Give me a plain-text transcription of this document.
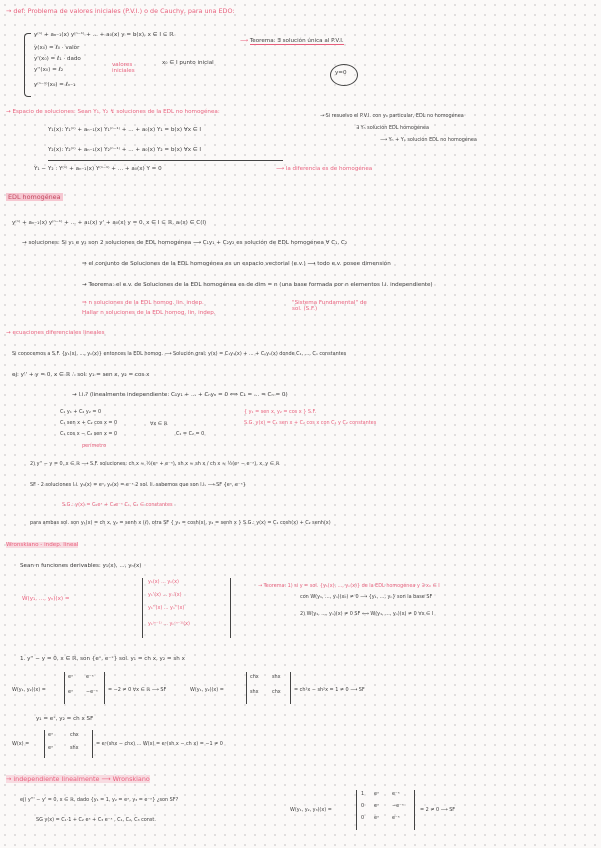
→ def: Problema de valores iniciales (P.V.I.) o de Cauchy, para una EDO:
y⁽ⁿ⁾ + aₙ₋₁(x) y⁽ⁿ⁻¹⁾ + ... + a₀(x) y = b(x), x ∈ I ⊆ ℝ
y(x₀) = ℓ₀ · valor
y'(x₀) = ℓ₁ · dado
y''(x₀) = ℓ₂
y⁽ⁿ⁻¹⁾(x₀) = ℓₙ₋₁
valores iniciales
x₀ ∈ I punto inicial
⟶ Teorema: ∃ solución única al P.V.I.
y=0
→ Espacio de soluciones: Sean Y₁, Y₂ ↯ soluciones de la EDL no homogénea:
Y₁(x): Y₁⁽ⁿ⁾ + aₙ₋₁(x) Y₁⁽ⁿ⁻¹⁾ + ... + a₀(x) Y₁ = b(x) ∀x ∈ I
Y₂(x): Y₂⁽ⁿ⁾ + aₙ₋₁(x) Y₂⁽ⁿ⁻¹⁾ + ... + a₀(x) Y₂ = b(x) ∀x ∈ I
Y₁ − Y₂ : Y⁽ⁿ⁾ + aₙ₋₁(x) Y⁽ⁿ⁻¹⁾ + ... + a₀(x) Y = 0	⟶ la diferencia es de homogénea
→ Si resuelvo el P.V.I. con y₀ particular, EDL no homogénea
∃ Yₕ solución EDL homogénea
⟶ Yₕ + Yₚ solución EDL no homogénea
EDL homogénea
y⁽ⁿ⁾ + aₙ₋₁(x) y⁽ⁿ⁻¹⁾ + ... + a₁(x) y' + a₀(x) y = 0, x ∈ I ⊆ ℝ, aᵢ(x) ∈ C(I)
→ soluciones: Si y₁ e y₂ son 2 soluciones de EDL homogénea ⟶ C₁y₁ + C₂y₂ es solución de EDL homogénea ∀ C₁, C₂
⇒ el conjunto de Soluciones de la EDL homogénea es un espacio vectorial (e.v.) ⟶ todo e.v. posee dimensión
→ Teorema: el e.v. de Soluciones de la EDL homogénea es de dim = n (una base formada por n elementos l.i. independiente)
⇒ n soluciones de la EDL homog. lin. indep.
Hallar n soluciones de la EDL homog. lin. indep.
"Sistema Fundamental" de sol. (S.F.)
→ ecuaciones diferenciales lineales
Si conocemos a S.F. {y₁(x), ..., yₙ(x)} entonces la EDL homog. ⟶ Solución gral: y(x) = C₁y₁(x) + ... + Cₙyₙ(x) donde C₁, ..., Cₙ constantes
ej: y'' + y = 0, x ∈ ℝ ∴ sol: y₁ = sen x, y₂ = cos x
→ l.i.? (linealmente independiente: C₁y₁ + ... + Cₙyₙ = 0 ⟺ C₁ = ... = Cₙ = 0)
C₁ y₁ + C₂ y₂ = 0
C₁ sen x + C₂ cos x = 0
C₁ cos x − C₂ sen x = 0
perímetro
∀x ∈ ℝ
C₁ = C₂ = 0
{ y₁ = sen x, y₂ = cos x } S.F.
S.G. y(x) = C₁ sen x + C₂ cos x con C₁ y C₂ constantes
2) y'' − y = 0, x ∈ ℝ ⟶ S.F. soluciones: ch x ≈ ½(eˣ + e⁻ˣ), sh x ≈ sh x / ch x ≈ ½(eˣ − e⁻ˣ), x, y ∈ ℝ
SF - 2 soluciones l.i. y₁(x) = eˣ, y₂(x) = e⁻ˣ 2 sol. li. sabemos que son l.i. ⟶ SF {eˣ, e⁻ˣ}
S.G.: y(x) = C₁eˣ + C₂e⁻ˣ C₁, C₂ ∈ constantes
para ambas sol. son y₁(x) = ch x, y₂ = senh x (ℓ), otra SF { y₁ = cosh(x), y₂ = senh x } S.G.: y(x) = C₁ cosh(x) + C₂ senh(x)
Wronskiano - indep. lineal
Sean n funciones derivables: y₁(x), ..., yₙ(x)
W(y₁, ..., yₙ)(x) =
y₁(x) ... yₙ(x)
y₁'(x) ... yₙ'(x)
y₁''(x) ... yₙ''(x)
y₁⁽ⁿ⁻¹⁾ ... yₙ⁽ⁿ⁻¹⁾(x)
→ Teorema: 1) si y = sol. {y₁(x), ..., yₙ(x)} de la EDL homogénea y ∃ x₀ ∈ I
con W(y₁, ..., yₙ)(x₀) ≠ 0 ⟶ {y₁, ..., yₙ} son la base SF
2) W(y₁, ..., yₙ)(x) ≠ 0 SF ⟺ W(y₁, ..., yₙ)(x) ≠ 0 ∀x ∈ I
1. y'' − y = 0, x ∈ ℝ, son {eˣ, e⁻ˣ} sol. y₁ = ch x, y₂ = sh x
W(y₁, y₂)(x) =
eˣ	e⁻ˣ
eˣ	−e⁻ˣ = −2 ≠ 0 ∀x ∈ ℝ ⟶ SF	W(y₁, y₂)(x) =
chx	shx
shx	chx	= ch²x − sh²x = 1 ≠ 0 ⟶ SF
y₁ = eˣ, y₂ = ch x SF
W(x) =
eˣ	chx
eˣ	shx
= eˣ(shx − chx) ... W(x) = eˣ(sh x − ch x) = −1 ≠ 0
→ independiente linealmente ⟶ Wronskiano
ej) y''' − y' = 0, x ∈ ℝ, dado {y₁ = 1, y₂ = eˣ, y₃ = e⁻ˣ} ¿son SF?
SG y(x) = C₁·1 + C₂ eˣ + C₃ e⁻ˣ , C₁, C₂, C₃ const.
W(y₁, y₂, y₃)(x) =
1 eˣ	e⁻ˣ
0 eˣ	−e⁻ˣ
0 eˣ	e⁻ˣ
= 2 ≠ 0 ⟶ SF
